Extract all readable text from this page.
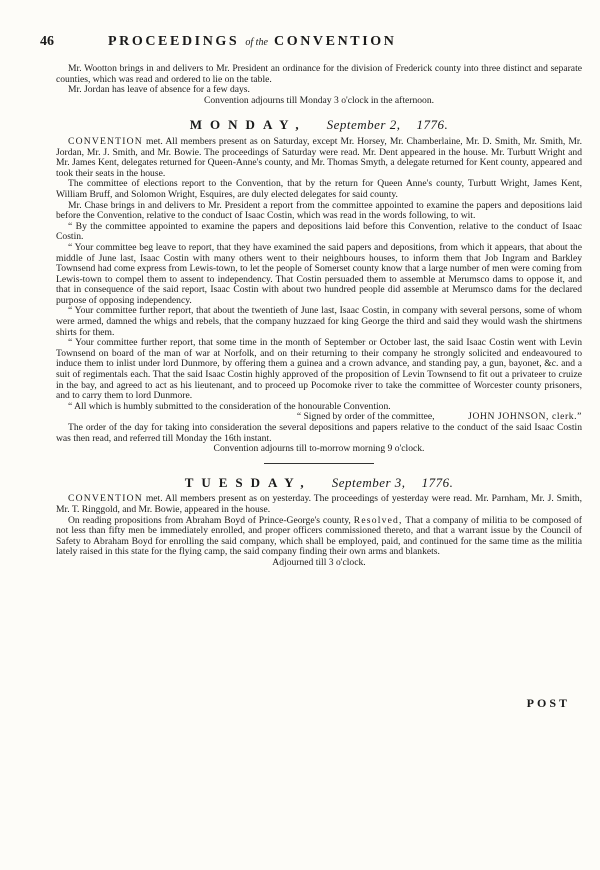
46	PROCEEDINGS of the CONVENTION

Mr. Wootton brings in and delivers to Mr. President an ordinance for the division of Frederick county into three distinct and separate counties, which was read and ordered to lie on the table.

Mr. Jordan has leave of absence for a few days.

Convention adjourns till Monday 3 o'clock in the afternoon.

MONDAY, September 2, 1776.

CONVENTION met. All members present as on Saturday, except Mr. Horsey, Mr. Chamberlaine, Mr. D. Smith, Mr. Smith, Mr. Jordan, Mr. J. Smith, and Mr. Bowie. The proceedings of Saturday were read. Mr. Dent appeared in the house. Mr. Turbutt Wright and Mr. James Kent, delegates returned for Queen-Anne's county, and Mr. Thomas Smyth, a delegate returned for Kent county, appeared and took their seats in the house.

The committee of elections report to the Convention, that by the return for Queen Anne's county, Turbutt Wright, James Kent, William Bruff, and Solomon Wright, Esquires, are duly elected delegates for said county.

Mr. Chase brings in and delivers to Mr. President a report from the committee appointed to examine the papers and depositions laid before the Convention, relative to the conduct of Isaac Costin, which was read in the words following, to wit.

“ By the committee appointed to examine the papers and depositions laid before this Convention, relative to the conduct of Isaac Costin.

“ Your committee beg leave to report, that they have examined the said papers and depositions, from which it appears, that about the middle of June last, Isaac Costin with many others went to their neighbours houses, to inform them that Job Ingram and Barkley Townsend had come express from Lewis-town, to let the people of Somerset county know that a large number of men were coming from Lewis-town to compel them to assent to independency. That Costin persuaded them to assemble at Merumsco dams to oppose it, and that in consequence of the said report, Isaac Costin with about two hundred people did assemble at Merumsco dams for the declared purpose of opposing independency.

“ Your committee further report, that about the twentieth of June last, Isaac Costin, in company with several persons, some of whom were armed, damned the whigs and rebels, that the company huzzaed for king George the third and said they would wash the shirtmens shirts for them.

“ Your committee further report, that some time in the month of September or October last, the said Isaac Costin went with Levin Townsend on board of the man of war at Norfolk, and on their returning to their company he strongly solicited and endeavoured to induce them to inlist under lord Dunmore, by offering them a guinea and a crown advance, and standing pay, a gun, bayonet, &c. and a suit of regimentals each. That the said Isaac Costin highly approved of the proposition of Levin Townsend to fit out a privateer to cruize in the bay, and agreed to act as his lieutenant, and to proceed up Pocomoke river to take the committee of Worcester county prisoners, and to carry them to lord Dunmore.

“ All which is humbly submitted to the consideration of the honourable Convention.

“ Signed by order of the committee,	JOHN JOHNSON, clerk.”

The order of the day for taking into consideration the several depositions and papers relative to the conduct of the said Isaac Costin was then read, and referred till Monday the 16th instant.

Convention adjourns till to-morrow morning 9 o'clock.

TUESDAY, September 3, 1776.

CONVENTION met. All members present as on yesterday. The proceedings of yesterday were read. Mr. Parnham, Mr. J. Smith, Mr. T. Ringgold, and Mr. Bowie, appeared in the house.

On reading propositions from Abraham Boyd of Prince-George's county, Resolved, That a company of militia to be composed of not less than fifty men be immediately enrolled, and proper officers commissioned thereto, and that a warrant issue by the Council of Safety to Abraham Boyd for enrolling the said company, which shall be employed, paid, and continued for the same time as the militia lately raised in this state for the flying camp, the said company finding their own arms and blankets.

Adjourned till 3 o'clock.

POST
